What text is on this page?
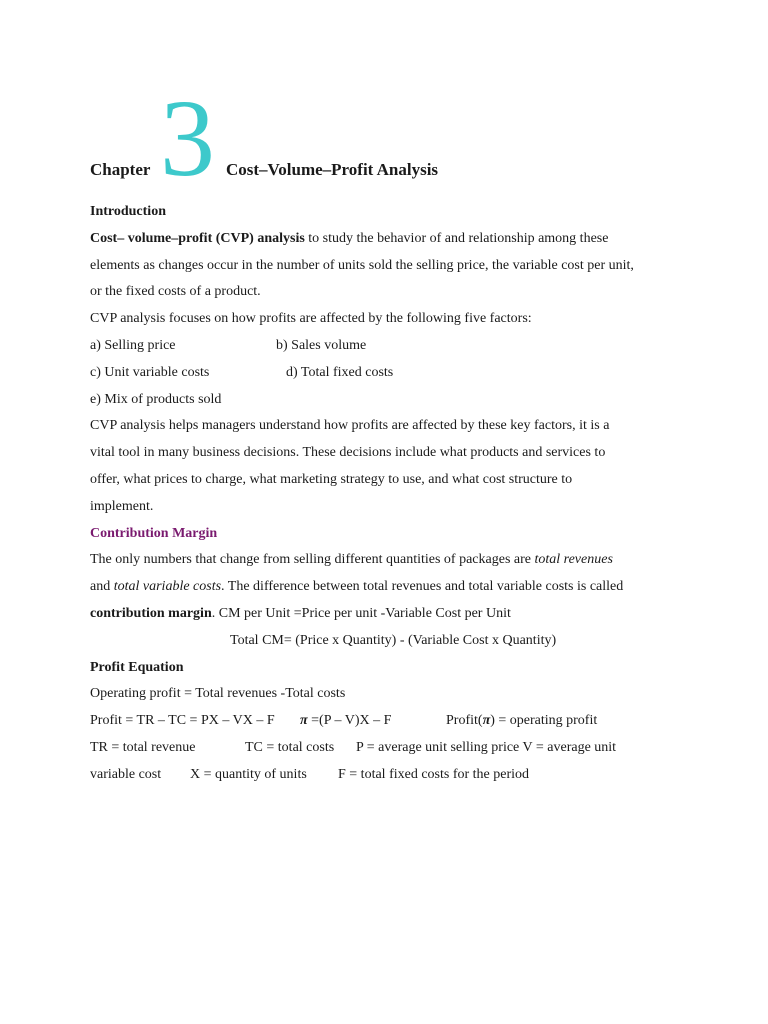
Chapter 3 Cost–Volume–Profit Analysis
Introduction
Cost– volume–profit (CVP) analysis to study the behavior of and relationship among these
elements as changes occur in the number of units sold the selling price, the variable cost per unit,
or the fixed costs of a product.
CVP analysis focuses on how profits are affected by the following five factors:
a) Selling price	b) Sales volume
c) Unit variable costs	d) Total fixed costs
e) Mix of products sold
CVP analysis helps managers understand how profits are affected by these key factors, it is a
vital tool in many business decisions. These decisions include what products and services to
offer, what prices to charge, what marketing strategy to use, and what cost structure to
implement.
Contribution Margin
The only numbers that change from selling different quantities of packages are total revenues
and total variable costs. The difference between total revenues and total variable costs is called
contribution margin. CM per Unit =Price per unit -Variable Cost per Unit
Total CM= (Price x Quantity) - (Variable Cost x Quantity)
Profit Equation
Operating profit = Total revenues -Total costs
Profit = TR – TC = PX – VX – F π =(P – V)X – F	Profit(π) = operating profit
TR = total revenue	TC = total costs P = average unit selling price V = average unit
variable cost X = quantity of units F = total fixed costs for the period
